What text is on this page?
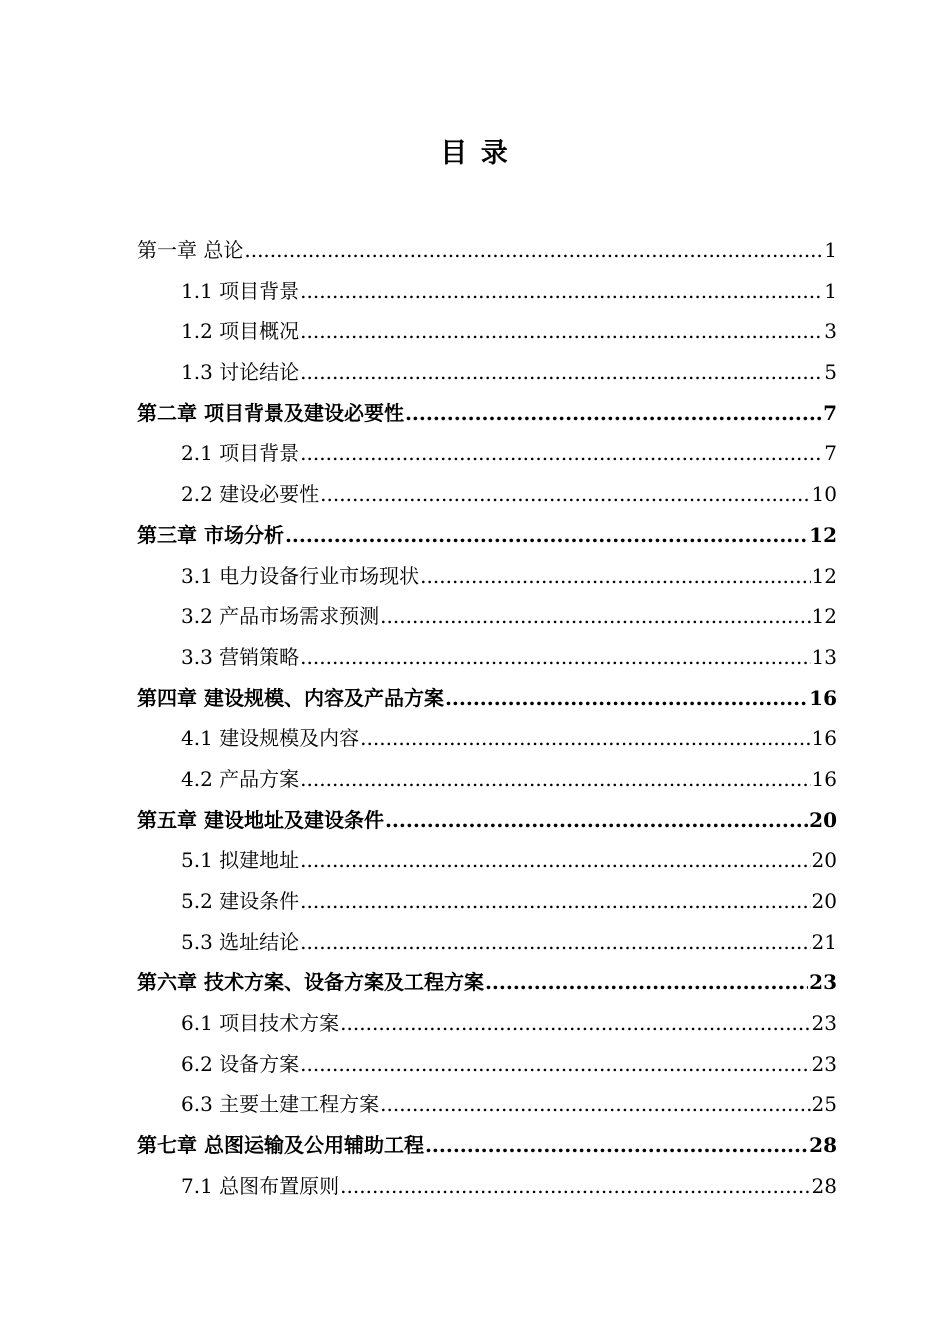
目 录
第一章 总论 .....	1
1.1 项目背景 .....	1
1.2 项目概况 .....	3
1.3 讨论结论 .....	5
第二章 项目背景及建设必要性 .....	7
2.1 项目背景 .....	7
2.2 建设必要性 .....	10
第三章 市场分析 .....	12
3.1 电力设备行业市场现状 .....	12
3.2 产品市场需求预测 .....	12
3.3 营销策略 .....	13
第四章 建设规模、内容及产品方案 .....	16
4.1 建设规模及内容 .....	16
4.2 产品方案 .....	16
第五章 建设地址及建设条件 .....	20
5.1 拟建地址 .....	20
5.2 建设条件 .....	20
5.3 选址结论 .....	21
第六章 技术方案、设备方案及工程方案 .....	23
6.1 项目技术方案 .....	23
6.2 设备方案 .....	23
6.3 主要土建工程方案 .....	25
第七章 总图运输及公用辅助工程 .....	28
7.1 总图布置原则 .....	28
